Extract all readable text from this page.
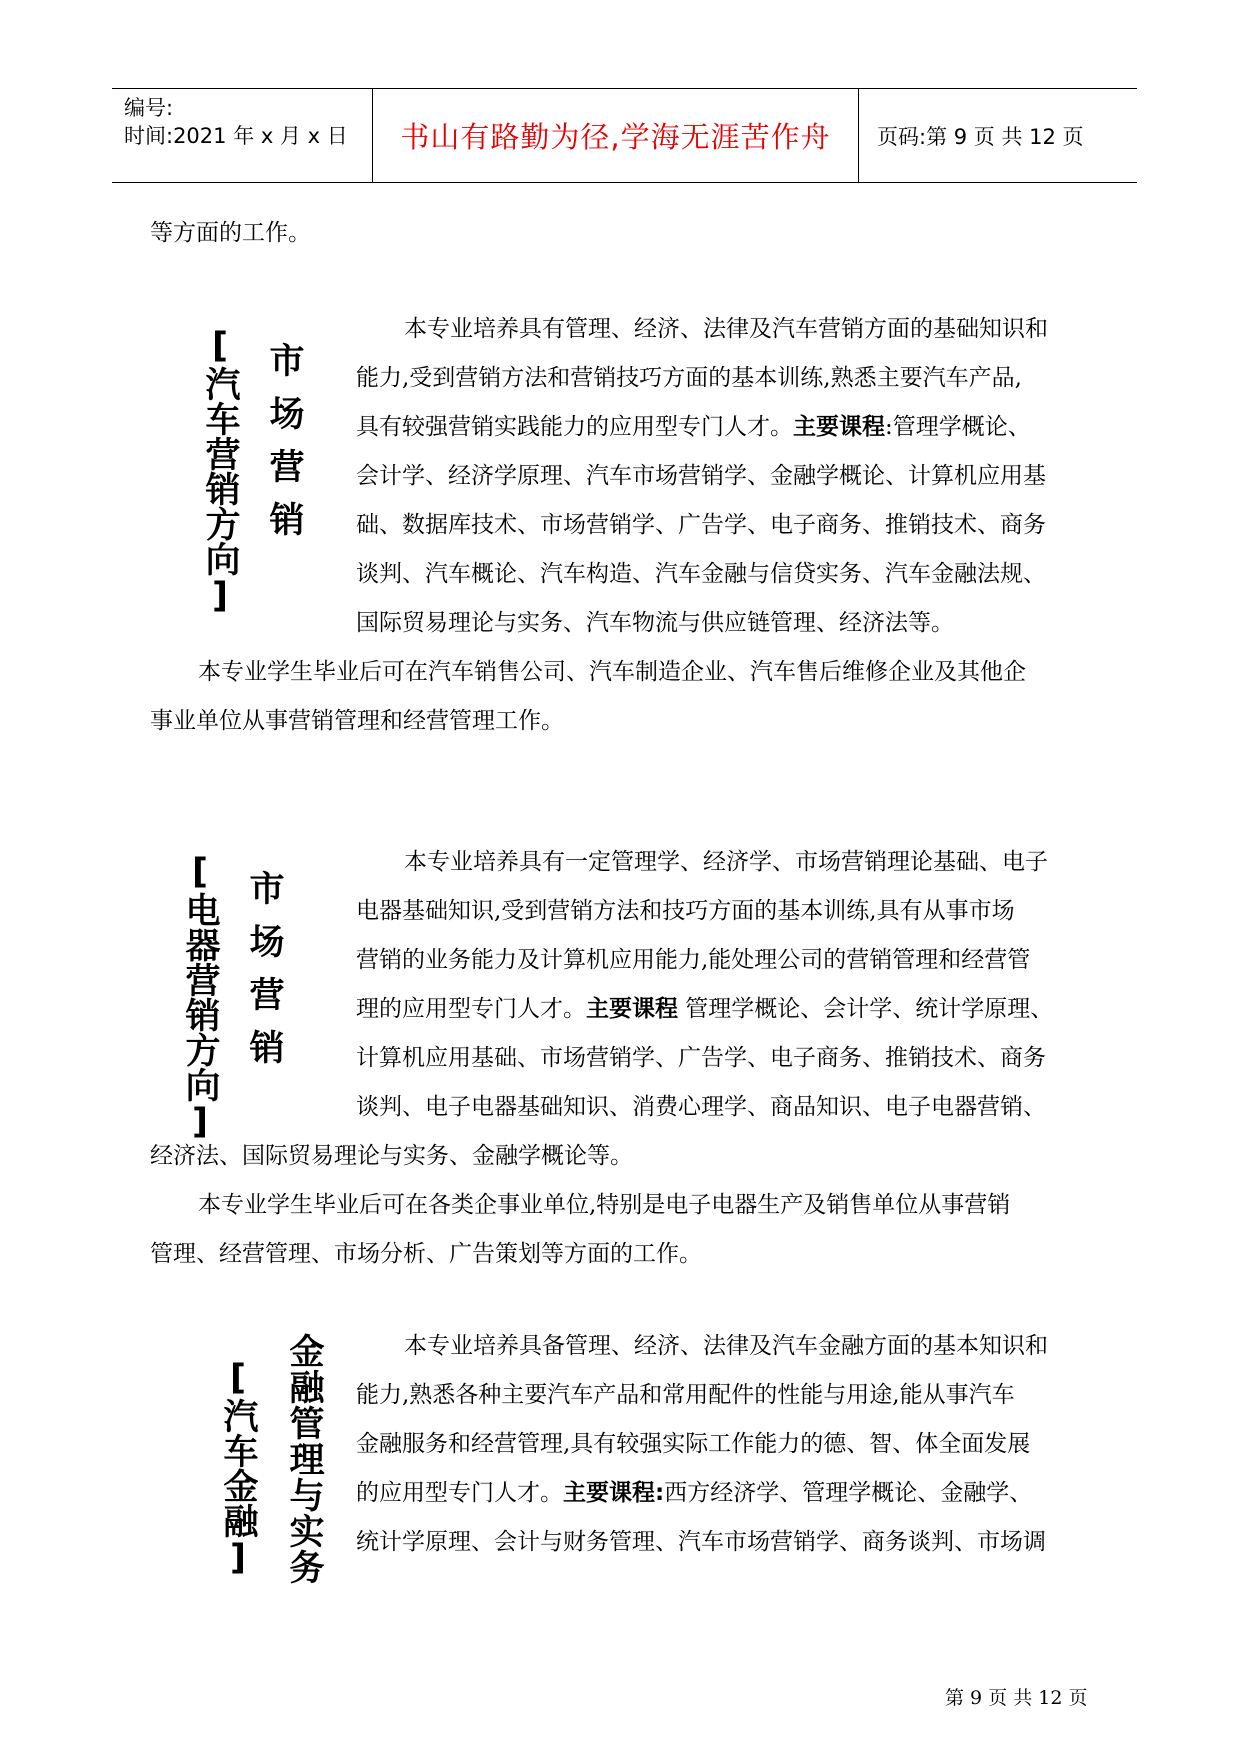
编号:
时间:2021 年 x 月 x 日 书山有路勤为径,学海无涯苦作舟 页码:第 9 页 共 12 页
等方面的工作。
[汽车营销方向] 市场营销
本专业培养具有管理、经济、法律及汽车营销方面的基础知识和
能力,受到营销方法和营销技巧方面的基本训练,熟悉主要汽车产品,
具有较强营销实践能力的应用型专门人才。主要课程:管理学概论、
会计学、经济学原理、汽车市场营销学、金融学概论、计算机应用基
础、数据库技术、市场营销学、广告学、电子商务、推销技术、商务
谈判、汽车概论、汽车构造、汽车金融与信贷实务、汽车金融法规、
国际贸易理论与实务、汽车物流与供应链管理、经济法等。
本专业学生毕业后可在汽车销售公司、汽车制造企业、汽车售后维修企业及其他企
事业单位从事营销管理和经营管理工作。
[电器营销方向] 市场营销
本专业培养具有一定管理学、经济学、市场营销理论基础、电子
电器基础知识,受到营销方法和技巧方面的基本训练,具有从事市场
营销的业务能力及计算机应用能力,能处理公司的营销管理和经营管
理的应用型专门人才。主要课程 管理学概论、会计学、统计学原理、
计算机应用基础、市场营销学、广告学、电子商务、推销技术、商务
谈判、电子电器基础知识、消费心理学、商品知识、电子电器营销、
经济法、国际贸易理论与实务、金融学概论等。
本专业学生毕业后可在各类企事业单位,特别是电子电器生产及销售单位从事营销
管理、经营管理、市场分析、广告策划等方面的工作。
[汽车金融] 金融管理与实务	本专业培养具备管理、经济、法律及汽车金融方面的基本知识和
能力,熟悉各种主要汽车产品和常用配件的性能与用途,能从事汽车
金融服务和经营管理,具有较强实际工作能力的德、智、体全面发展
的应用型专门人才。主要课程:西方经济学、管理学概论、金融学、
统计学原理、会计与财务管理、汽车市场营销学、商务谈判、市场调
第 9 页 共 12 页
